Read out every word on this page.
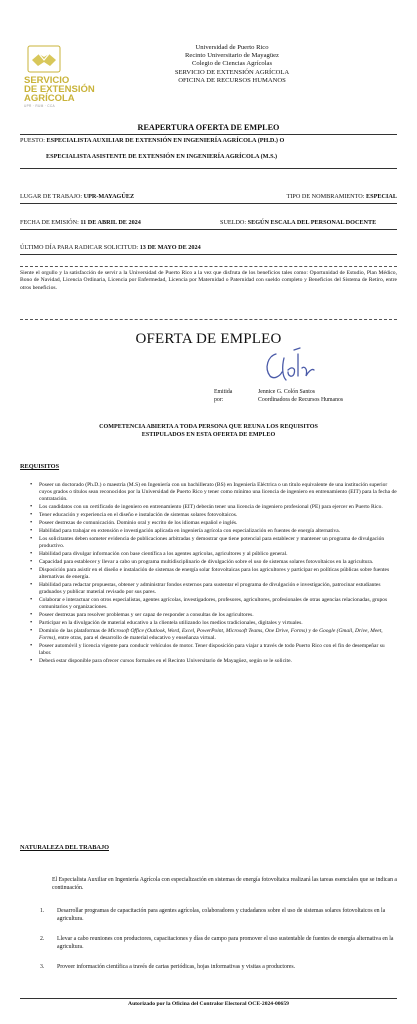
SERVICIO
DE EXTENSIÓN
AGRÍCOLA
UPR · RUM · CCA
Universidad de Puerto Rico
Recinto Universitario de Mayagüez
Colegio de Ciencias Agrícolas
SERVICIO DE EXTENSIÓN AGRÍCOLA
OFICINA DE RECURSOS HUMANOS
REAPERTURA OFERTA DE EMPLEO
PUESTO: ESPECIALISTA AUXILIAR DE EXTENSIÓN EN INGENIERÍA AGRÍCOLA (PH.D.) O
ESPECIALISTA ASISTENTE DE EXTENSIÓN EN INGENIERÍA AGRÍCOLA (M.S.)
LUGAR DE TRABAJO: UPR-MAYAGÜEZ	TIPO DE NOMBRAMIENTO: ESPECIAL
FECHA DE EMISIÓN: 11 DE ABRIL DE 2024	SUELDO: SEGÚN ESCALA DEL PERSONAL DOCENTE
ÚLTIMO DÍA PARA RADICAR SOLICITUD: 13 DE MAYO DE 2024
Siente el orgullo y la satisfacción de servir a la Universidad de Puerto Rico a la vez que disfruta de los beneficios tales como: Oportunidad de Estudio, Plan Médico, Bono de Navidad, Licencia Ordinaria, Licencia por Enfermedad, Licencia por Maternidad o Paternidad con sueldo completo y Beneficios del Sistema de Retiro, entre otros beneficios.
OFERTA DE EMPLEO
Emitida por:
Jennice G. Colón Santos
Coordinadora de Recursos Humanos
COMPETENCIA ABIERTA A TODA PERSONA QUE REUNA LOS REQUISITOS
ESTIPULADOS EN ESTA OFERTA DE EMPLEO
REQUISITOS
• Poseer un doctorado (Ph.D.) o maestría (M.S) en Ingeniería con un bachillerato (BS) en Ingeniería Eléctrica o un título equivalente de una institución superior cuyos grados o títulos sean reconocidos por la Universidad de Puerto Rico y tener como mínimo una licencia de ingeniero en entrenamiento (EIT) para la fecha de contratación.
• Los candidatos con un certificado de ingeniero en entrenamiento (EIT) deberán tener una licencia de ingeniero profesional (PE) para ejercer en Puerto Rico.
• Tener educación y experiencia en el diseño e instalación de sistemas solares fotovoltaicos.
• Poseer destrezas de comunicación. Dominio oral y escrito de los idiomas español e inglés.
• Habilidad para trabajar en extensión e investigación aplicada en ingeniería agrícola con especialización en fuentes de energía alternativa.
• Los solicitantes deben someter evidencia de publicaciones arbitradas y demostrar que tiene potencial para establecer y mantener un programa de divulgación productivo.
• Habilidad para divulgar información con base científica a los agentes agrícolas, agricultores y al público general.
• Capacidad para establecer y llevar a cabo un programa multidisciplinario de divulgación sobre el uso de sistemas solares fotovoltaicos en la agricultura.
• Disposición para asistir en el diseño e instalación de sistemas de energía solar fotovoltaicas para los agricultores y participar en políticas públicas sobre fuentes alternativas de energía.
• Habilidad para redactar propuestas, obtener y administrar fondos externos para sustentar el programa de divulgación e investigación, patrocinar estudiantes graduados y publicar material revisado por sus pares.
• Colaborar e interactuar con otros especialistas, agentes agrícolas, investigadores, profesores, agricultores, profesionales de otras agencias relacionadas, grupos comunitarios y organizaciones.
• Poseer destrezas para resolver problemas y ser capaz de responder a consultas de los agricultores.
• Participar en la divulgación de material educativo a la clientela utilizando los medios tradicionales, digitales y virtuales.
• Dominio de las plataformas de Microsoft Office (Outlook, Word, Excel, PowerPoint, Microsoft Teams, One Drive, Forms) y de Google (Gmail, Drive, Meet, Forms), entre otras, para el desarrollo de material educativo y enseñanza virtual.
• Poseer automóvil y licencia vigente para conducir vehículos de motor. Tener disposición para viajar a través de todo Puerto Rico con el fin de desempeñar su labor.
• Deberá estar disponible para ofrecer cursos formales en el Recinto Universitario de Mayagüez, según se le solicite.
NATURALEZA DEL TRABAJO
El Especialista Auxiliar en Ingeniería Agrícola con especialización en sistemas de energía fotovoltaica realizará las tareas esenciales que se indican a continuación.
1. Desarrollar programas de capacitación para agentes agrícolas, colaboradores y ciudadanos sobre el uso de sistemas solares fotovoltaicos en la agricultura.
2. Llevar a cabo reuniones con productores, capacitaciones y días de campo para promover el uso sustentable de fuentes de energía alternativa en la agricultura.
3. Proveer información científica a través de cartas periódicas, hojas informativas y visitas a productores.
Autorizado por la Oficina del Contralor Electoral OCE-2024-00659
